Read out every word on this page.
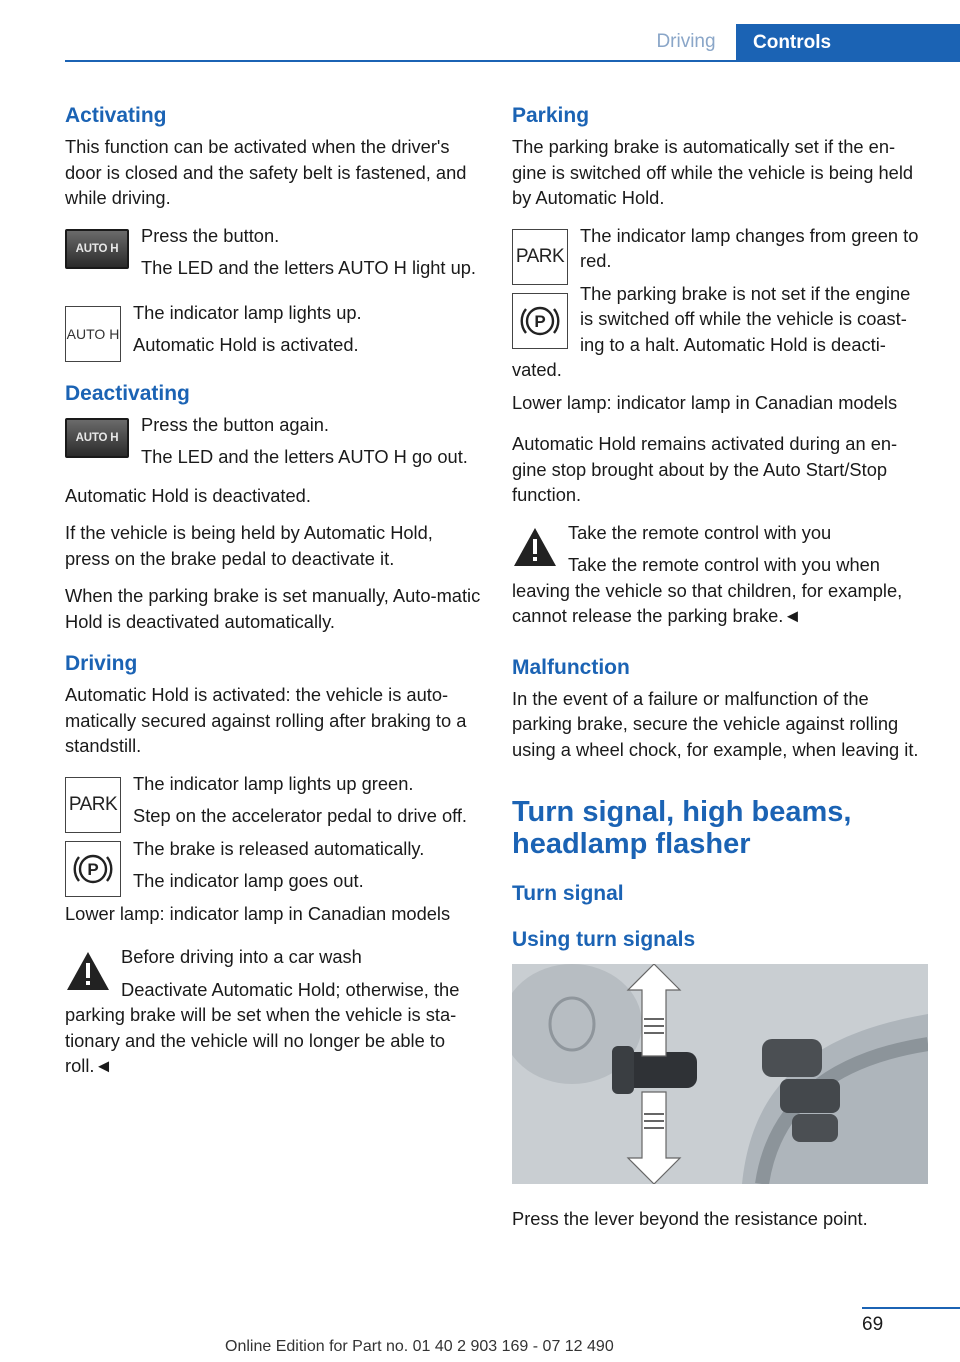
Driving	Controls
Activating
This function can be activated when the driver's door is closed and the safety belt is fastened, and while driving.
AUTO H
Press the button.
The LED and the letters AUTO H light up.
AUTO H
The indicator lamp lights up.
Automatic Hold is activated.
Deactivating
AUTO H
Press the button again.
The LED and the letters AUTO H go out.
Automatic Hold is deactivated.
If the vehicle is being held by Automatic Hold, press on the brake pedal to deactivate it.
When the parking brake is set manually, Auto-matic Hold is deactivated automatically.
Driving
Automatic Hold is activated: the vehicle is auto-matically secured against rolling after braking to a standstill.
PARK
P
The indicator lamp lights up green.
Step on the accelerator pedal to drive off.
The brake is released automatically.
The indicator lamp goes out.
Lower lamp: indicator lamp in Canadian models
Before driving into a car wash
Deactivate Automatic Hold; otherwise, the parking brake will be set when the vehicle is sta-tionary and the vehicle will no longer be able to roll.◄
Parking
The parking brake is automatically set if the en-gine is switched off while the vehicle is being held by Automatic Hold.
PARK
P
The indicator lamp changes from green to red.
The parking brake is not set if the engine is switched off while the vehicle is coast-ing to a halt. Automatic Hold is deacti-vated.
Lower lamp: indicator lamp in Canadian models
Automatic Hold remains activated during an en-gine stop brought about by the Auto Start/Stop function.
Take the remote control with you
Take the remote control with you when leaving the vehicle so that children, for example, cannot release the parking brake.◄
Malfunction
In the event of a failure or malfunction of the parking brake, secure the vehicle against rolling using a wheel chock, for example, when leaving it.
Turn signal, high beams, headlamp flasher
Turn signal
Using turn signals
Press the lever beyond the resistance point.
69
Online Edition for Part no. 01 40 2 903 169 - 07 12 490
